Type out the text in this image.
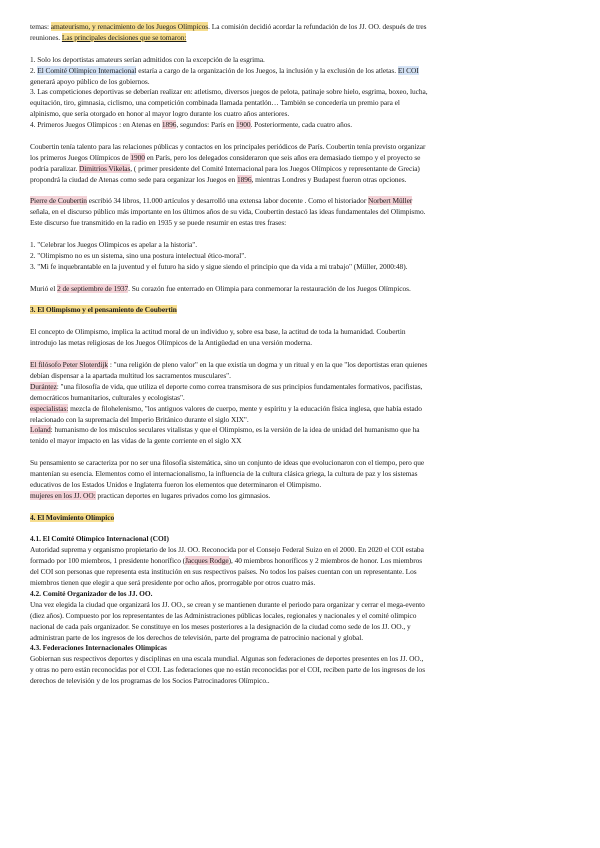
temas: amateurismo, y renacimiento de los Juegos Olímpicos. La comisión decidió acordar la refundación de los JJ. OO. después de tres

reuniones. Las principales decisiones que se tomaron:

1. Solo los deportistas amateurs serían admitidos con la excepción de la esgrima.

2. El Comité Olímpico Internacional estaría a cargo de la organización de los Juegos, la inclusión y la exclusión de los atletas. El COI

generará apoyo público de los gobiernos.

3. Las competiciones deportivas se deberían realizar en: atletismo, diversos juegos de pelota, patinaje sobre hielo, esgrima, boxeo, lucha,

equitación, tiro, gimnasia, ciclismo, una competición combinada llamada pentatlón… También se concedería un premio para el

alpinismo, que sería otorgado en honor al mayor logro durante los cuatro años anteriores.

4. Primeros Juegos Olímpicos : en Atenas en 1896, segundos: París en 1900. Posteriormente, cada cuatro años.

Coubertin tenía talento para las relaciones públicas y contactos en los principales periódicos de París. Coubertin tenía previsto organizar

los primeros Juegos Olímpicos de 1900 en París, pero los delegados consideraron que seis años era demasiado tiempo y el proyecto se

podría paralizar. Dimitrios Vikelas, ( primer presidente del Comité Internacional para los Juegos Olímpicos y representante de Grecia)

propondrá la ciudad de Atenas como sede para organizar los Juegos en 1896, mientras Londres y Budapest fueron otras opciones.

Pierre de Coubertin escribió 34 libros, 11.000 artículos y desarrolló una extensa labor docente . Como el historiador Norbert Müller

señala, en el discurso público más importante en los últimos años de su vida, Coubertin destacó las ideas fundamentales del Olimpismo.

Este discurso fue transmitido en la radio en 1935 y se puede resumir en estas tres frases:

1. "Celebrar los Juegos Olímpicos es apelar a la historia".

2. "Olimpismo no es un sistema, sino una postura intelectual ético-moral".

3. "Mi fe inquebrantable en la juventud y el futuro ha sido y sigue siendo el principio que da vida a mi trabajo" (Müller, 2000:48).

Murió el 2 de septiembre de 1937. Su corazón fue enterrado en Olimpia para conmemorar la restauración de los Juegos Olímpicos.

3. El Olimpismo y el pensamiento de Coubertin

El concepto de Olimpismo, implica la actitud moral de un individuo y, sobre esa base, la actitud de toda la humanidad. Coubertin

introdujo las metas religiosas de los Juegos Olímpicos de la Antigüedad en una versión moderna.

El filósofo Peter Sloterdijk : "una religión de pleno valor" en la que existía un dogma y un ritual y en la que "los deportistas eran quienes

debían dispensar a la apartada multitud los sacramentos musculares".

Durántez: "una filosofía de vida, que utiliza el deporte como correa transmisora de sus principios fundamentales formativos, pacifistas,

democráticos humanitarios, culturales y ecologistas".

especialistas: mezcla de filohelenismo, "los antiguos valores de cuerpo, mente y espíritu y la educación física inglesa, que había estado

relacionado con la supremacía del Imperio Británico durante el siglo XIX".

Loland: humanismo de los músculos seculares vitalistas y que el Olimpismo, es la versión de la idea de unidad del humanismo que ha

tenido el mayor impacto en las vidas de la gente corriente en el siglo XX

Su pensamiento se caracteriza por no ser una filosofía sistemática, sino un conjunto de ideas que evolucionaron con el tiempo, pero que

mantenían su esencia. Elementos como el internacionalismo, la influencia de la cultura clásica griega, la cultura de paz y los sistemas

educativos de los Estados Unidos e Inglaterra fueron los elementos que determinaron el Olimpismo.

mujeres en los JJ. OO: practican deportes en lugares privados como los gimnasios.

4. El Movimiento Olímpico

4.1. El Comité Olímpico Internacional (COI)

Autoridad suprema y organismo propietario de los JJ. OO. Reconocida por el Consejo Federal Suizo en el 2000. En 2020 el COI estaba

formado por 100 miembros, 1 presidente honorífico (Jacques Rodge), 40 miembros honoríficos y 2 miembros de honor. Los miembros

del COI son personas que representa esta institución en sus respectivos países. No todos los países cuentan con un representante. Los

miembros tienen que elegir a que será presidente por ocho años, prorrogable por otros cuatro más.

4.2. Comité Organizador de los JJ. OO.

Una vez elegida la ciudad que organizará los JJ. OO., se crean y se mantienen durante el periodo para organizar y cerrar el mega-evento

(diez años). Compuesto por los representantes de las Administraciones públicas locales, regionales y nacionales y el comité olímpico

nacional de cada país organizador. Se constituye en los meses posteriores a la designación de la ciudad como sede de los JJ. OO., y

administran parte de los ingresos de los derechos de televisión, parte del programa de patrocinio nacional y global.

4.3. Federaciones Internacionales Olímpicas

Gobiernan sus respectivos deportes y disciplinas en una escala mundial. Algunas son federaciones de deportes presentes en los JJ. OO.,

y otras no pero están reconocidas por el COI. Las federaciones que no están reconocidas por el COI, reciben parte de los ingresos de los

derechos de televisión y de los programas de los Socios Patrocinadores Olímpico..
